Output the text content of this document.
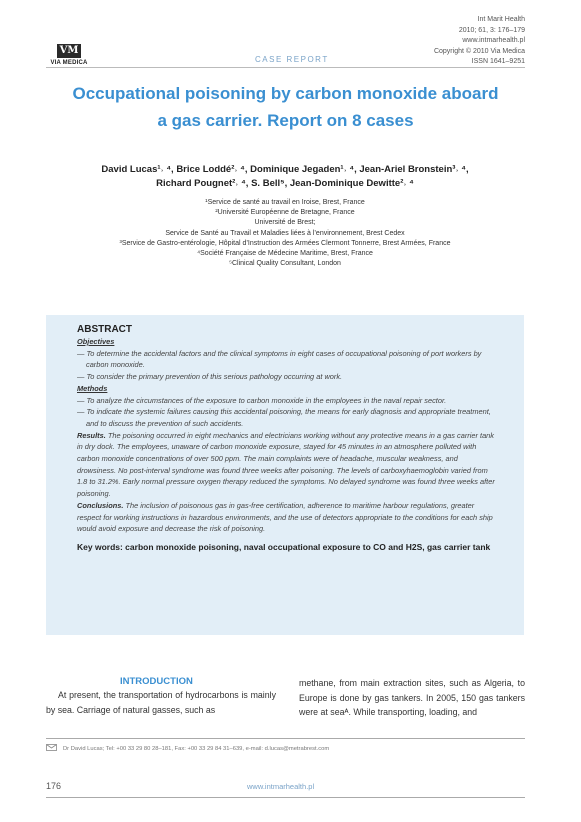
VM
VIA MEDICA	CASE REPORT
Int Marit Health
2010; 61, 3: 176–179
www.intmarhealth.pl
Copyright © 2010 Via Medica
ISSN 1641–9251
Occupational poisoning by carbon monoxide aboard
a gas carrier. Report on 8 cases
David Lucas¹˒ ⁴, Brice Loddé²˒ ⁴, Dominique Jegaden¹˒ ⁴, Jean-Ariel Bronstein³˒ ⁴,
Richard Pougnet²˒ ⁴, S. Bell⁵, Jean-Dominique Dewitte²˒ ⁴

¹Service de santé au travail en Iroise, Brest, France

²Université Européenne de Bretagne, France

Université de Brest;

Service de Santé au Travail et Maladies liées à l’environnement, Brest Cedex

³Service de Gastro-entérologie, Hôpital d’Instruction des Armées Clermont Tonnerre, Brest Armées, France

⁴Société Française de Médecine Maritime, Brest, France

⁵Clinical Quality Consultant, London

ABSTRACT

Objectives

— To determine the accidental factors and the clinical symptoms in eight cases of occupational poisoning of port workers by carbon monoxide.

— To consider the primary prevention of this serious pathology occurring at work.

Methods

— To analyze the circumstances of the exposure to carbon monoxide in the employees in the naval repair sector.

— To indicate the systemic failures causing this accidental poisoning, the means for early diagnosis and appropriate treatment, and to discuss the prevention of such accidents.

Results. The poisoning occurred in eight mechanics and electricians working without any protective means in a gas carrier tank in dry dock. The employees, unaware of carbon monoxide exposure, stayed for 45 minutes in an atmosphere polluted with carbon monoxide concentrations of over 500 ppm. The main complaints were of headache, muscular weakness, and drowsiness. No post-interval syndrome was found three weeks after poisoning. The levels of carboxyhaemoglobin varied from 1.8 to 31.2%. Early normal pressure oxygen therapy reduced the symptoms. No delayed syndrome was found three weeks after poisoning.

Conclusions. The inclusion of poisonous gas in gas-free certification, adherence to maritime harbour regulations, greater respect for working instructions in hazardous environments, and the use of detectors appropriate to the conditions for each ship would avoid exposure and decrease the risk of poisoning.

Key words: carbon monoxide poisoning, naval occupational exposure to CO and H2S, gas carrier tank

INTRODUCTION
At present, the transportation of hydrocarbons is mainly by sea. Carriage of natural gasses, such as
methane, from main extraction sites, such as Algeria, to Europe is done by gas tankers. In 2005, 150 gas tankers were at seaᴬ. While transporting, loading, and
Dr David Lucas; Tel: +00 33 29 80 28–181, Fax: +00 33 29 84 31–639, e-mail: d.lucas@metrabrest.com
176	www.intmarhealth.pl
